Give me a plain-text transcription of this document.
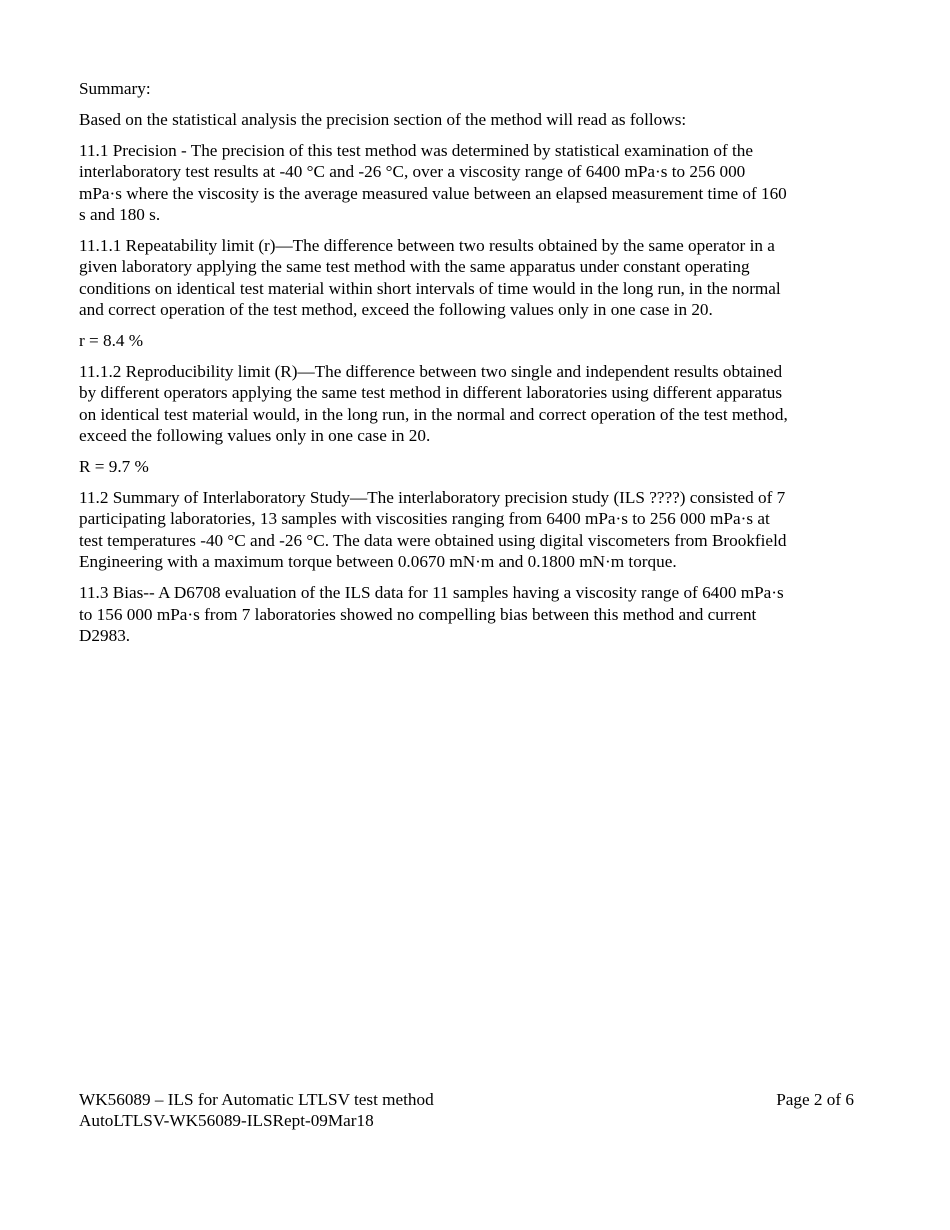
Summary:

Based on the statistical analysis the precision section of the method will read as follows:

11.1 Precision - The precision of this test method was determined by statistical examination of the interlaboratory test results at -40 °C and -26 °C, over a viscosity range of 6400 mPa·s to 256 000 mPa·s where the viscosity is the average measured value between an elapsed measurement time of 160 s and 180 s.

11.1.1 Repeatability limit (r)—The difference between two results obtained by the same operator in a given laboratory applying the same test method with the same apparatus under constant operating conditions on identical test material within short intervals of time would in the long run, in the normal and correct operation of the test method, exceed the following values only in one case in 20.

r = 8.4 %

11.1.2 Reproducibility limit (R)—The difference between two single and independent results obtained by different operators applying the same test method in different laboratories using different apparatus on identical test material would, in the long run, in the normal and correct operation of the test method, exceed the following values only in one case in 20.

R = 9.7 %

11.2 Summary of Interlaboratory Study—The interlaboratory precision study (ILS ????) consisted of 7 participating laboratories, 13 samples with viscosities ranging from 6400 mPa·s to 256 000 mPa·s at test temperatures -40 °C and -26 °C. The data were obtained using digital viscometers from Brookfield Engineering with a maximum torque between 0.0670 mN·m and 0.1800 mN·m torque.

11.3 Bias-- A D6708 evaluation of the ILS data for 11 samples having a viscosity range of 6400 mPa·s to 156 000 mPa·s from 7 laboratories showed no compelling bias between this method and current D2983.

WK56089 – ILS for Automatic LTLSV test method	Page 2 of 6
AutoLTLSV-WK56089-ILSRept-09Mar18
